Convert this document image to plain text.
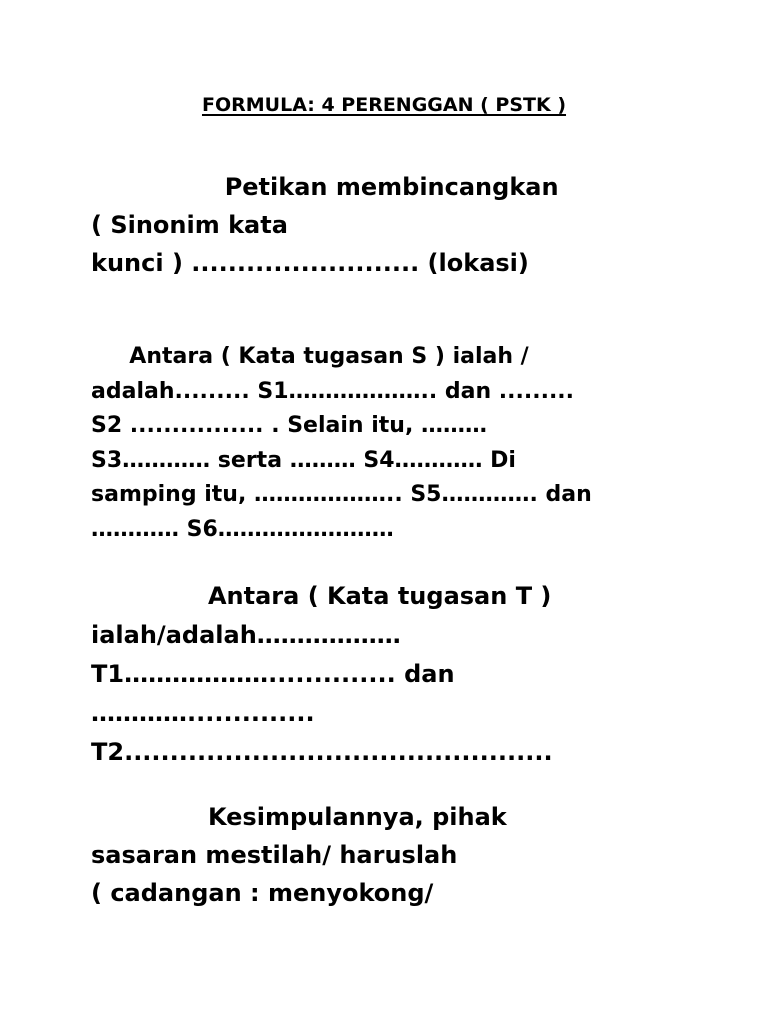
FORMULA: 4 PERENGGAN ( PSTK )
Petikan membincangkan
( Sinonim kata
kunci ) ......................... (lokasi)
Antara ( Kata tugasan S ) ialah /
adalah......... S1……………….. dan .........
S2 ................ . Selain itu, ………
S3………… serta ……… S4………… Di
samping itu, ……………….. S5…………. dan
………… S6……………………
Antara ( Kata tugasan T )
ialah/adalah………………
T1……………….............. dan
…………..............
T2...............................................
Kesimpulannya, pihak
sasaran mestilah/ haruslah
( cadangan : menyokong/
